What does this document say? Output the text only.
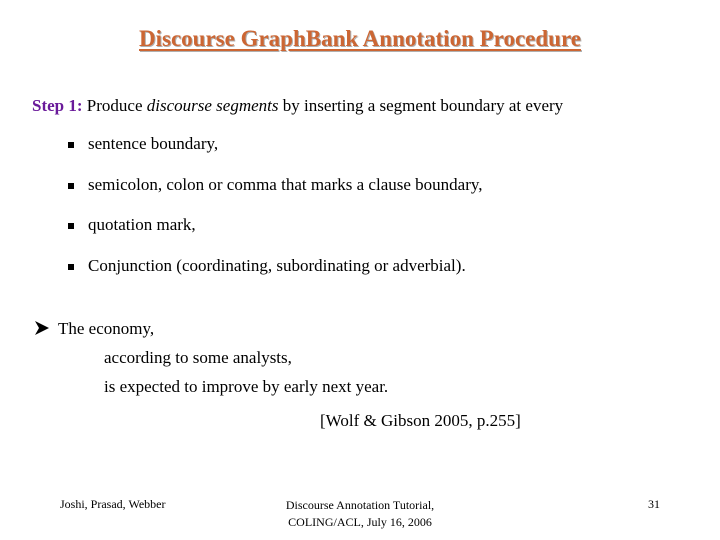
Discourse GraphBank Annotation Procedure
Step 1: Produce discourse segments by inserting a segment boundary at every
sentence boundary,
semicolon, colon or comma that marks a clause boundary,
quotation mark,
Conjunction (coordinating, subordinating or adverbial).
The economy,
according to some analysts,
is expected to improve by early next year.
[Wolf & Gibson 2005, p.255]
Joshi, Prasad, Webber	Discourse Annotation Tutorial,
COLING/ACL, July 16, 2006
31
